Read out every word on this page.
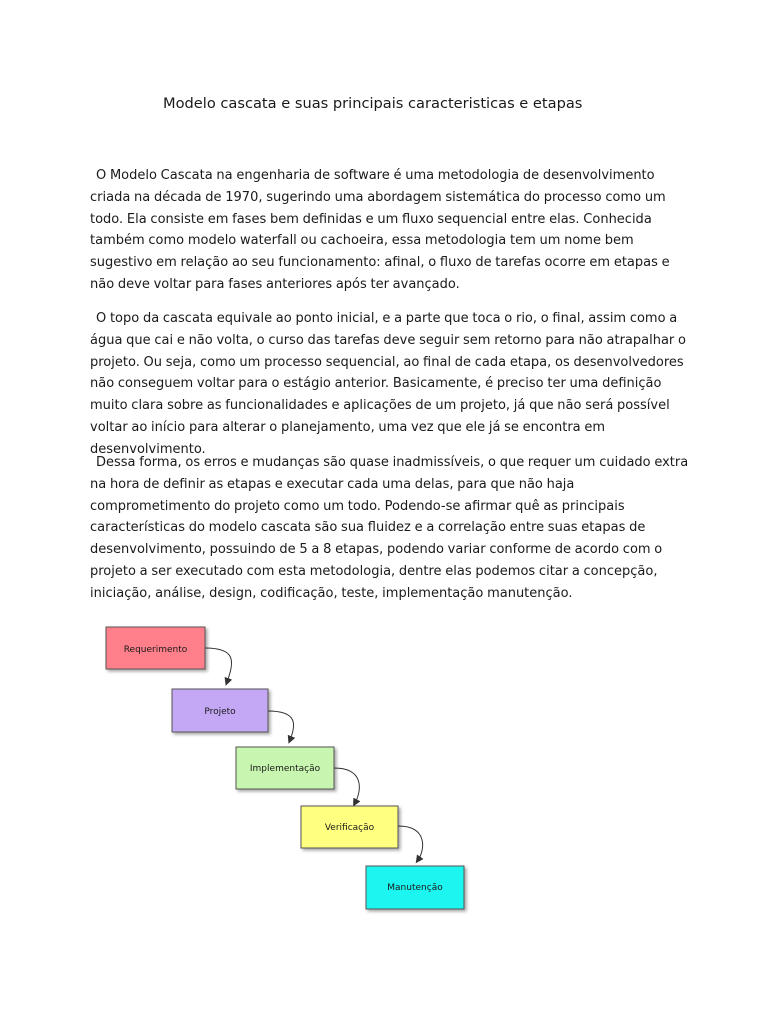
Modelo cascata e suas principais caracteristicas e etapas

O Modelo Cascata na engenharia de software é uma metodologia de desenvolvimento criada na década de 1970, sugerindo uma abordagem sistemática do processo como um todo. Ela consiste em fases bem definidas e um fluxo sequencial entre elas. Conhecida também como modelo waterfall ou cachoeira, essa metodologia tem um nome bem sugestivo em relação ao seu funcionamento: afinal, o fluxo de tarefas ocorre em etapas e não deve voltar para fases anteriores após ter avançado.

O topo da cascata equivale ao ponto inicial, e a parte que toca o rio, o final, assim como a água que cai e não volta, o curso das tarefas deve seguir sem retorno para não atrapalhar o projeto. Ou seja, como um processo sequencial, ao final de cada etapa, os desenvolvedores não conseguem voltar para o estágio anterior. Basicamente, é preciso ter uma definição muito clara sobre as funcionalidades e aplicações de um projeto, já que não será possível voltar ao início para alterar o planejamento, uma vez que ele já se encontra em desenvolvimento.

Dessa forma, os erros e mudanças são quase inadmissíveis, o que requer um cuidado extra na hora de definir as etapas e executar cada uma delas, para que não haja comprometimento do projeto como um todo. Podendo-se afirmar quê as principais características do modelo cascata são sua fluidez e a correlação entre suas etapas de desenvolvimento, possuindo de 5 a 8 etapas, podendo variar conforme de acordo com o projeto a ser executado com esta metodologia, dentre elas podemos citar a concepção, iniciação, análise, design, codificação, teste, implementação manutenção.

Requerimento
Projeto
Implementação
Verificação
Manutenção
